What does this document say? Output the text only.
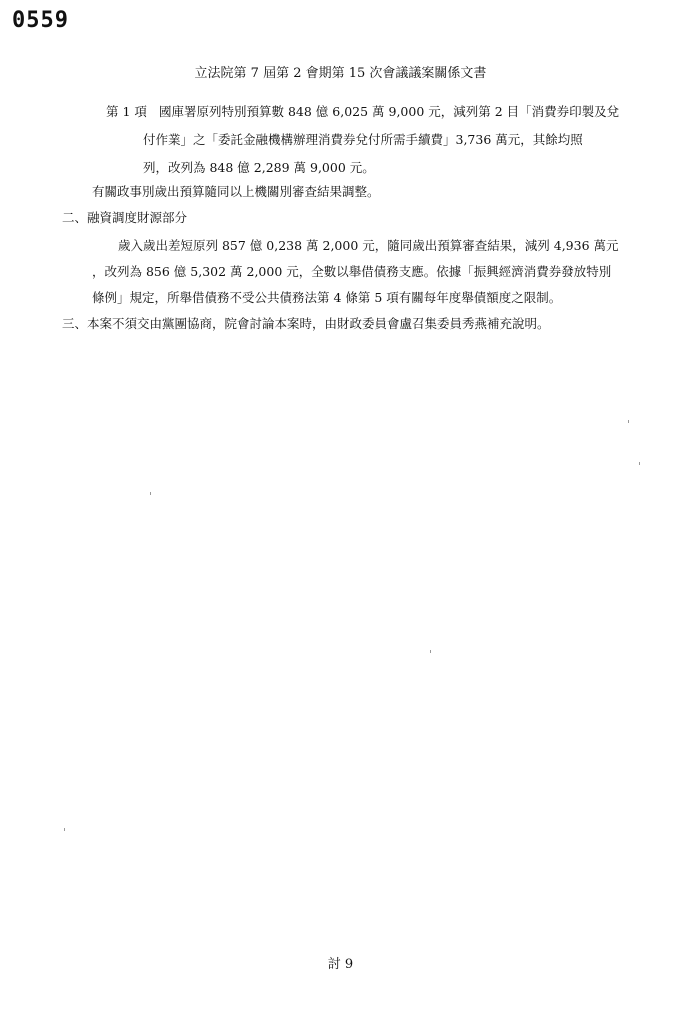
0559
立法院第 7 屆第 2 會期第 15 次會議議案關係文書
第 1 項 國庫署原列特別預算數 848 億 6,025 萬 9,000 元，減列第 2 目「消費券印製及兌
付作業」之「委託金融機構辦理消費券兌付所需手續費」3,736 萬元，其餘均照
列，改列為 848 億 2,289 萬 9,000 元。
有關政事別歲出預算隨同以上機關別審查結果調整。
二、融資調度財源部分
歲入歲出差短原列 857 億 0,238 萬 2,000 元，隨同歲出預算審查結果，減列 4,936 萬元
，改列為 856 億 5,302 萬 2,000 元，全數以舉借債務支應。依據「振興經濟消費券發放特別
條例」規定，所舉借債務不受公共債務法第 4 條第 5 項有關每年度舉債額度之限制。
三、本案不須交由黨團協商，院會討論本案時，由財政委員會盧召集委員秀燕補充說明。
討 9
